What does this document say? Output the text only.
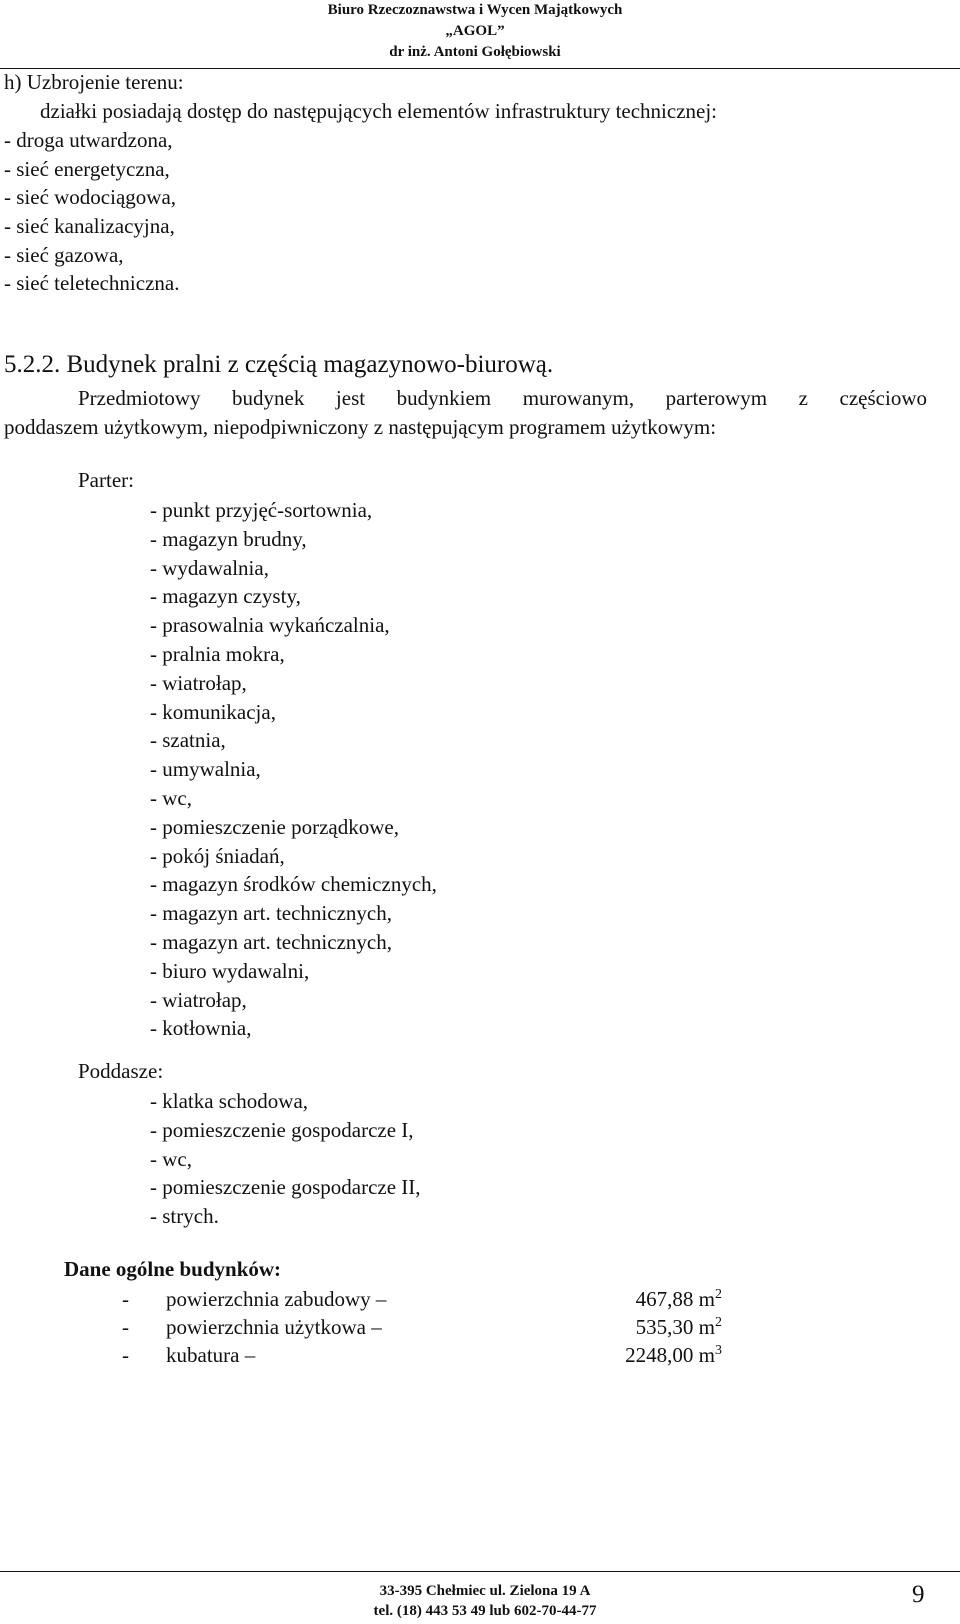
Biuro Rzeczoznawstwa i Wycen Majątkowych
„AGOL”
dr inż. Antoni Gołębiowski
h) Uzbrojenie terenu:
działki posiadają dostęp do następujących elementów infrastruktury technicznej:
- droga utwardzona,
- sieć energetyczna,
- sieć wodociągowa,
- sieć kanalizacyjna,
- sieć gazowa,
- sieć teletechniczna.
5.2.2. Budynek pralni z częścią magazynowo-biurową.
Przedmiotowy budynek jest budynkiem murowanym, parterowym z częściowo
poddaszem użytkowym, niepodpiwniczony z następującym programem użytkowym:
Parter:
- punkt przyjęć-sortownia,
- magazyn brudny,
- wydawalnia,
- magazyn czysty,
- prasowalnia wykańczalnia,
- pralnia mokra,
- wiatrołap,
- komunikacja,
- szatnia,
- umywalnia,
- wc,
- pomieszczenie porządkowe,
- pokój śniadań,
- magazyn środków chemicznych,
- magazyn art. technicznych,
- magazyn art. technicznych,
- biuro wydawalni,
- wiatrołap,
- kotłownia,
Poddasze:
- klatka schodowa,
- pomieszczenie gospodarcze I,
- wc,
- pomieszczenie gospodarcze II,
- strych.
Dane ogólne budynków:
- powierzchnia zabudowy –	467,88 $m^2$
- powierzchnia użytkowa –	535,30 $m^2$
- kubatura –	2248,00 $m^3$
33-395 Chełmiec ul. Zielona 19 A
tel. (18) 443 53 49 lub 602-70-44-77
9
